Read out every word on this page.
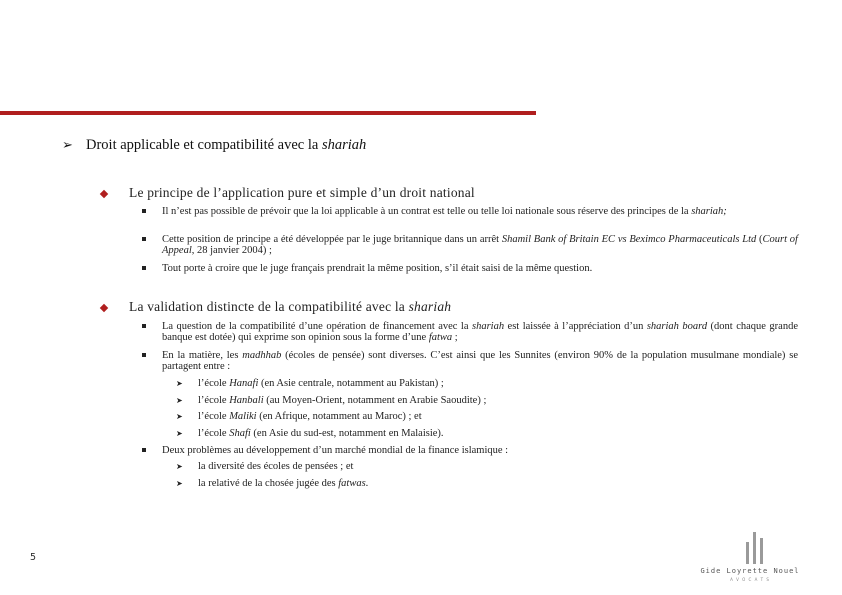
➢ Droit applicable et compatibilité avec la shariah
Le principe de l’application pure et simple d’un droit national
Il n’est pas possible de prévoir que la loi applicable à un contrat est telle ou telle loi nationale sous réserve des principes de la shariah;
Cette position de principe a été développée par le juge britannique dans un arrêt Shamil Bank of Britain EC vs Beximco Pharmaceuticals Ltd (Court of Appeal, 28 janvier 2004) ;
Tout porte à croire que le juge français prendrait la même position, s’il était saisi de la même question.
La validation distincte de la compatibilité avec la shariah
La question de la compatibilité d’une opération de financement avec la shariah est laissée à l’appréciation d’un shariah board (dont chaque grande banque est dotée) qui exprime son opinion sous la forme d’une fatwa ;
En la matière, les madhhab (écoles de pensée) sont diverses. C’est ainsi que les Sunnites (environ 90% de la population musulmane mondiale) se partagent entre :
➤ l’école Hanafi (en Asie centrale, notamment au Pakistan) ;
➤ l’école Hanbali (au Moyen-Orient, notamment en Arabie Saoudite) ;
➤ l’école Maliki (en Afrique, notamment au Maroc) ; et
➤ l’école Shafi (en Asie du sud-est, notamment en Malaisie).
Deux problèmes au développement d’un marché mondial de la finance islamique :
➤ la diversité des écoles de pensées ; et
➤ la relativé de la chosée jugée des fatwas.
5
Gide Loyrette Nouel
A V O C A T S
